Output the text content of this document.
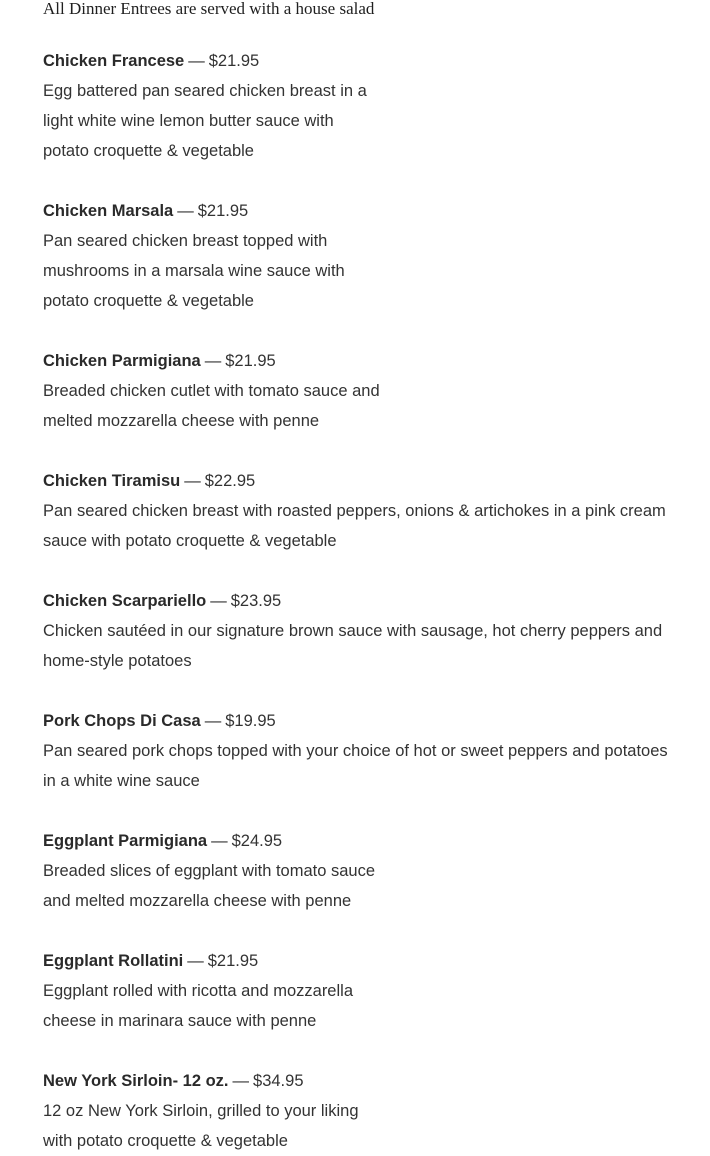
All Dinner Entrees are served with a house salad

Chicken Francese — $21.95

Egg battered pan seared chicken breast in a
light white wine lemon butter sauce with
potato croquette & vegetable

Chicken Marsala — $21.95

Pan seared chicken breast topped with
mushrooms in a marsala wine sauce with
potato croquette & vegetable

Chicken Parmigiana — $21.95

Breaded chicken cutlet with tomato sauce and
melted mozzarella cheese with penne

Chicken Tiramisu — $22.95

Pan seared chicken breast with roasted peppers, onions & artichokes in a pink cream
sauce with potato croquette & vegetable

Chicken Scarpariello — $23.95

Chicken sautéed in our signature brown sauce with sausage, hot cherry peppers and
home-style potatoes

Pork Chops Di Casa — $19.95

Pan seared pork chops topped with your choice of hot or sweet peppers and potatoes
in a white wine sauce

Eggplant Parmigiana — $24.95

Breaded slices of eggplant with tomato sauce
and melted mozzarella cheese with penne

Eggplant Rollatini — $21.95

Eggplant rolled with ricotta and mozzarella
cheese in marinara sauce with penne

New York Sirloin- 12 oz. — $34.95

12 oz New York Sirloin, grilled to your liking
with potato croquette & vegetable
